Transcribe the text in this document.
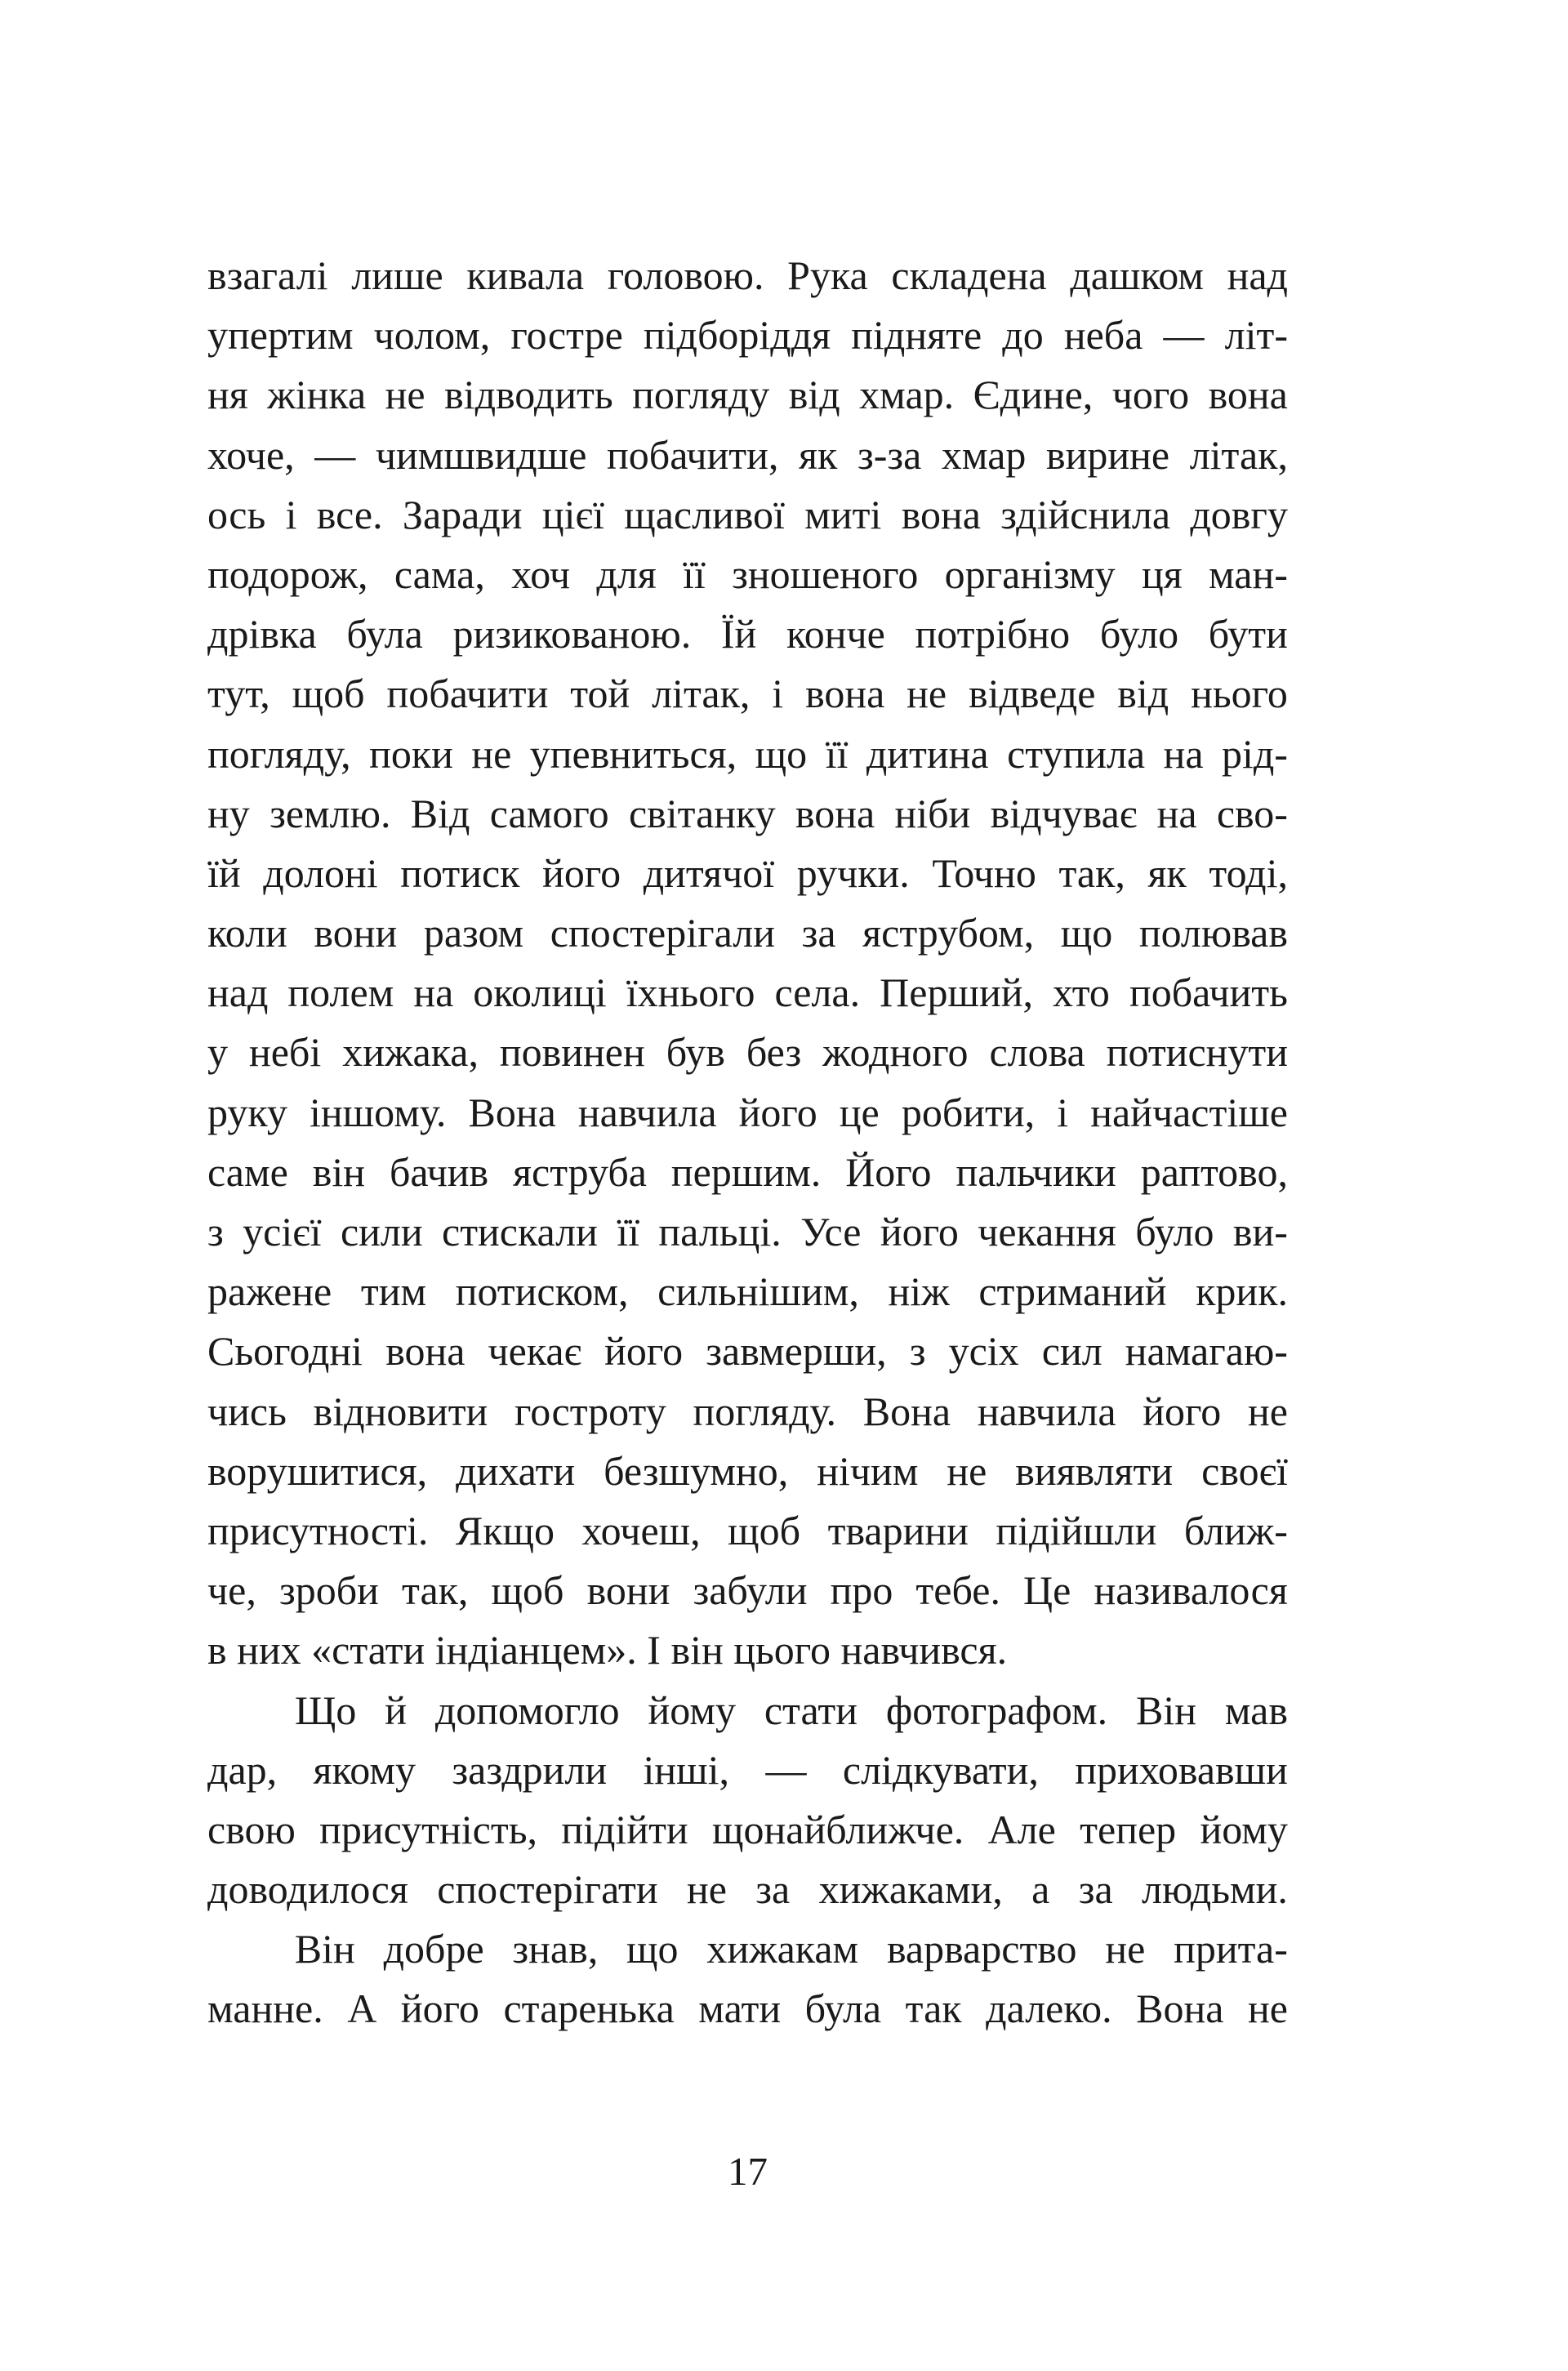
взагалі лише кивала головою. Рука складена дашком над
упертим чолом, гостре підборіддя підняте до неба — літ-
ня жінка не відводить погляду від хмар. Єдине, чого вона
хоче, — чимшвидше побачити, як з-за хмар вирине літак,
ось і все. Заради цієї щасливої миті вона здійснила довгу
подорож, сама, хоч для її зношеного організму ця ман-
дрівка була ризикованою. Їй конче потрібно було бути
тут, щоб побачити той літак, і вона не відведе від нього
погляду, поки не упевниться, що її дитина ступила на рід-
ну землю. Від самого світанку вона ніби відчуває на сво-
їй долоні потиск його дитячої ручки. Точно так, як тоді,
коли вони разом спостерігали за яструбом, що полював
над полем на околиці їхнього села. Перший, хто побачить
у небі хижака, повинен був без жодного слова потиснути
руку іншому. Вона навчила його це робити, і найчастіше
саме він бачив яструба першим. Його пальчики раптово,
з усієї сили стискали її пальці. Усе його чекання було ви-
ражене тим потиском, сильнішим, ніж стриманий крик.
Сьогодні вона чекає його завмерши, з усіх сил намагаю-
чись відновити гостроту погляду. Вона навчила його не
ворушитися, дихати безшумно, нічим не виявляти своєї
присутності. Якщо хочеш, щоб тварини підійшли ближ-
че, зроби так, щоб вони забули про тебе. Це називалося
в них «стати індіанцем». І він цього навчився.
Що й допомогло йому стати фотографом. Він мав
дар, якому заздрили інші, — слідкувати, приховавши
свою присутність, підійти щонайближче. Але тепер йому
доводилося спостерігати не за хижаками, а за людьми.
Він добре знав, що хижакам варварство не прита-
манне. А його старенька мати була так далеко. Вона не
17
